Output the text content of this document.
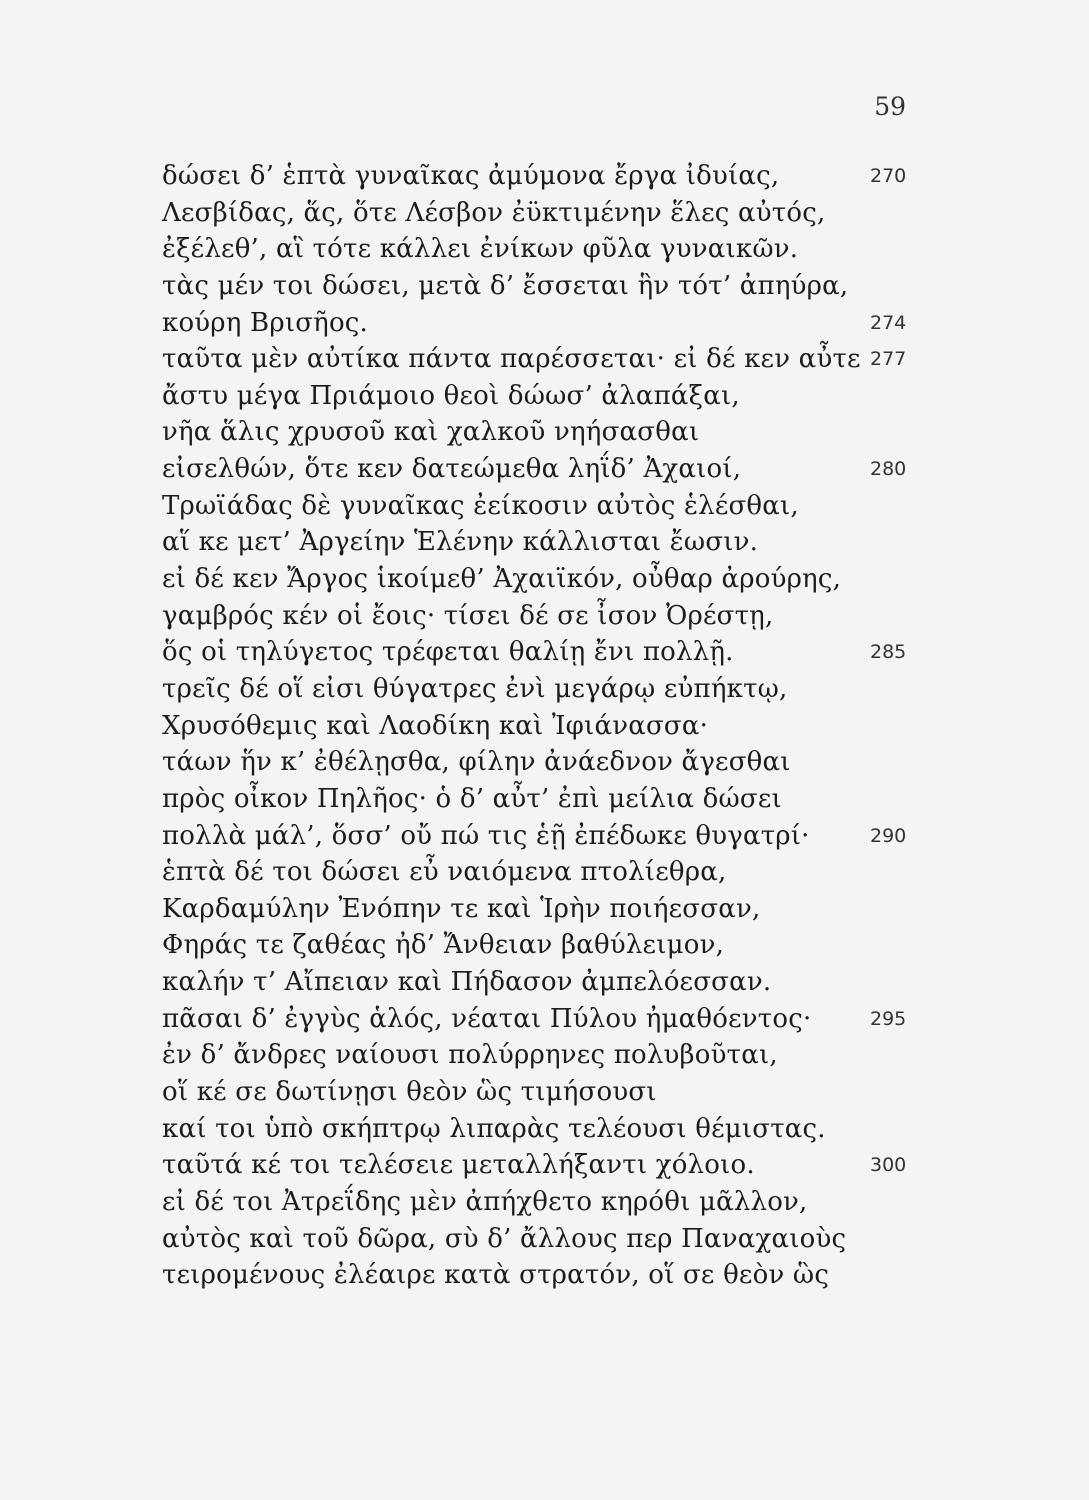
59
δώσει δ’ ἑπτὰ γυναῖκας ἀμύμονα ἔργα ἰδυίας,	270
Λεσβίδας, ἅς, ὅτε Λέσβον ἐϋκτιμένην ἕλες αὐτός,
ἐξέλεθ’, αἳ τότε κάλλει ἐνίκων φῦλα γυναικῶν.
τὰς μέν τοι δώσει, μετὰ δ’ ἔσσεται ἣν τότ’ ἀπηύρα,
κούρη Βρισῆος.	274
ταῦτα μὲν αὐτίκα πάντα παρέσσεται· εἰ δέ κεν αὖτε 277
ἄστυ μέγα Πριάμοιο θεοὶ δώωσ’ ἀλαπάξαι,
νῆα ἅλις χρυσοῦ καὶ χαλκοῦ νηήσασθαι
εἰσελθών, ὅτε κεν δατεώμεθα ληΐδ’ Ἀχαιοί,	280
Τρωϊάδας δὲ γυναῖκας ἐείκοσιν αὐτὸς ἑλέσθαι,
αἵ κε μετ’ Ἀργείην Ἑλένην κάλλισται ἔωσιν.
εἰ δέ κεν Ἄργος ἱκοίμεθ’ Ἀχαιϊκόν, οὖθαρ ἀρούρης,
γαμβρός κέν οἱ ἔοις· τίσει δέ σε ἶσον Ὀρέστῃ,
ὅς οἱ τηλύγετος τρέφεται θαλίῃ ἔνι πολλῇ.	285
τρεῖς δέ οἵ εἰσι θύγατρες ἐνὶ μεγάρῳ εὐπήκτῳ,
Χρυσόθεμις καὶ Λαοδίκη καὶ Ἰφιάνασσα·
τάων ἥν κ’ ἐθέλῃσθα, φίλην ἀνάεδνον ἄγεσθαι
πρὸς οἶκον Πηλῆος· ὁ δ’ αὖτ’ ἐπὶ μείλια δώσει
πολλὰ μάλ’, ὅσσ’ οὔ πώ τις ἑῇ ἐπέδωκε θυγατρί·	290
ἑπτὰ δέ τοι δώσει εὖ ναιόμενα πτολίεθρα,
Καρδαμύλην Ἐνόπην τε καὶ Ἱρὴν ποιήεσσαν,
Φηράς τε ζαθέας ἠδ’ Ἄνθειαν βαθύλειμον,
καλήν τ’ Αἴπειαν καὶ Πήδασον ἀμπελόεσσαν.
πᾶσαι δ’ ἐγγὺς ἁλός, νέαται Πύλου ἠμαθόεντος·	295
ἐν δ’ ἄνδρες ναίουσι πολύρρηνες πολυβοῦται,
οἵ κέ σε δωτίνῃσι θεὸν ὣς τιμήσουσι
καί τοι ὑπὸ σκήπτρῳ λιπαρὰς τελέουσι θέμιστας.
ταῦτά κέ τοι τελέσειε μεταλλήξαντι χόλοιο.	300
εἰ δέ τοι Ἀτρεΐδης μὲν ἀπήχθετο κηρόθι μᾶλλον,
αὐτὸς καὶ τοῦ δῶρα, σὺ δ’ ἄλλους περ Παναχαιοὺς
τειρομένους ἐλέαιρε κατὰ στρατόν, οἵ σε θεὸν ὣς
